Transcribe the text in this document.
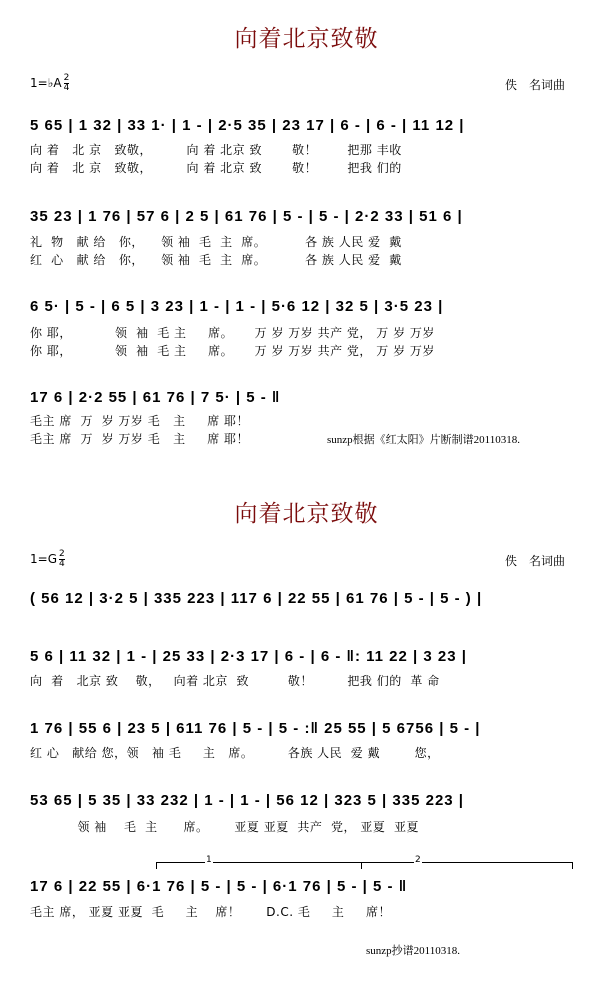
向着北京致敬
1=♭A $\frac{2}{4}$	佚　名词曲
5 65 | 1 32 | 33 1· | 1 - | 2·5 35 | 23 17 | 6 - | 6 - | 11 12 |
向 着   北 京   致敬，        向 着 北京 致       敬！       把那 丰收
向 着   北 京   致敬，        向 着 北京 致       敬！       把我 们的
35 23 | 1 76 | 57 6 | 2 5 | 61 76 | 5 - | 5 - | 2·2 33 | 51 6 |
礼  物   献 给   你，    领 袖  毛  主  席。         各 族 人民 爱  戴
红  心   献 给   你，    领 袖  毛  主  席。         各 族 人民 爱  戴
6 5· | 5 - | 6 5 | 3 23 | 1 - | 1 - | 5·6 12 | 32 5 | 3·5 23 |
你 耶，          领  袖  毛 主     席。     万 岁 万岁 共产 党， 万 岁 万岁
你 耶，          领  袖  毛 主     席。     万 岁 万岁 共产 党， 万 岁 万岁
17 6 | 2·2 55 | 61 76 | 7 5· | 5 - ‖
毛主 席  万  岁 万岁 毛   主     席 耶！
毛主 席  万  岁 万岁 毛   主     席 耶！	sunzp根据《红太阳》片断制谱20110318.
向着北京致敬
$1=G \frac{2}{4}$	佚　名词曲
( 56 12 | 3·2 5 | 335 223 | 117 6 | 22 55 | 61 76 | 5 - | 5 - ) |
5 6 | 11 32 | 1 - | 25 33 | 2·3 17 | 6 - | 6 - ‖: 11 22 | 3 23 |
向  着   北京 致    敬，   向着 北京  致         敬！        把我 们的  革 命
1 76 | 55 6 | 23 5 | 611 76 | 5 - | 5 - :‖ 25 55 | 5 6756 | 5 - |
红 心   献给 您，领   袖 毛     主   席。        各族 人民  爱 戴        您，
53 65 | 5 35 | 33 232 | 1 - | 1 - | 56 12 | 323 5 | 335 223 |
领 袖    毛  主      席。      亚夏 亚夏  共产  党， 亚夏  亚夏
1	2
17 6 | 22 55 | 6·1 76 | 5 - | 5 - | 6·1 76 | 5 - | 5 - ‖
毛主 席， 亚夏 亚夏  毛     主    席！      D.C. 毛     主     席！
sunzp抄谱20110318.
